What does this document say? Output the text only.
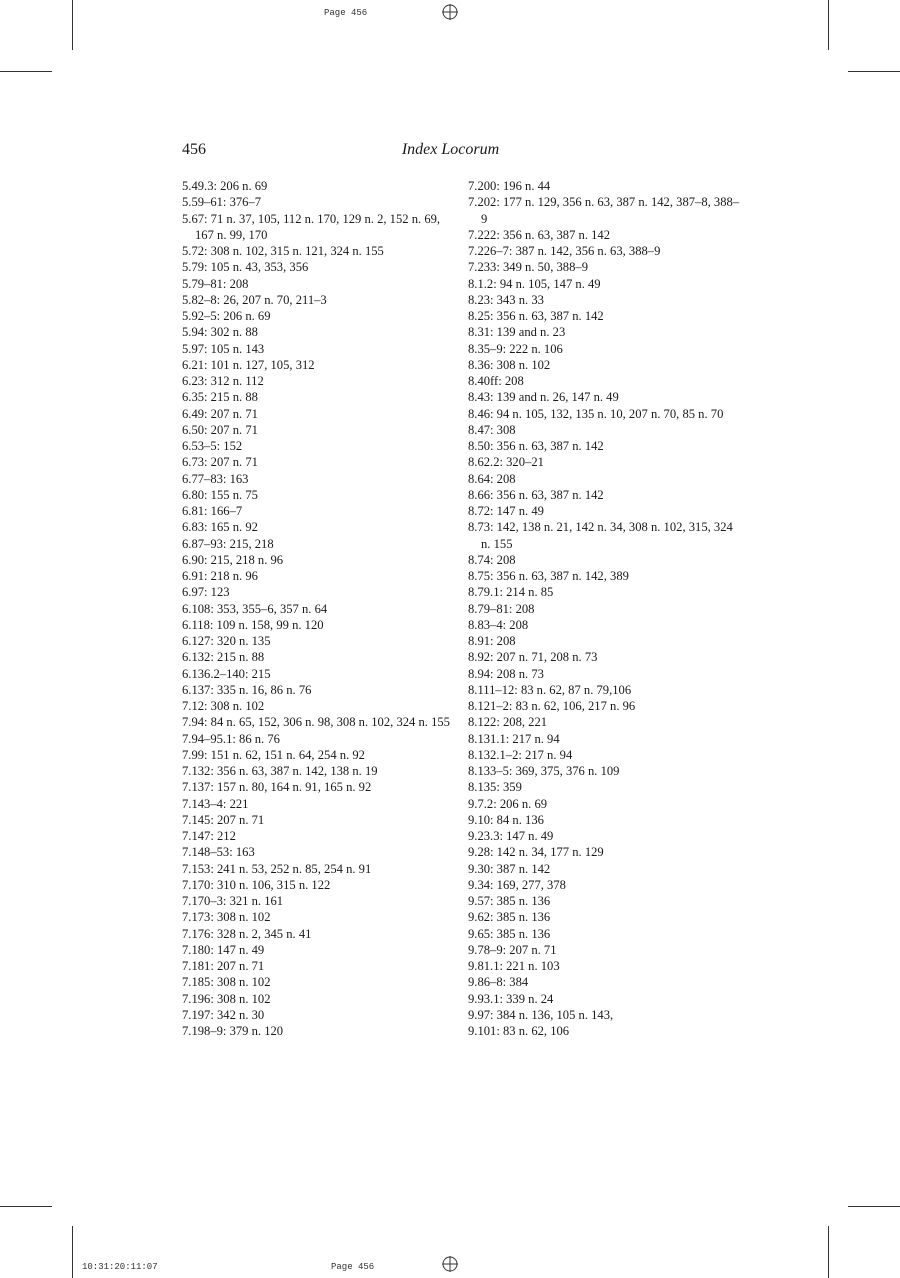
Page 456
10:31:20:11:07	Page 456
456	Index Locorum

5.49.3: 206 n. 69

5.59–61: 376–7

5.67: 71 n. 37, 105, 112 n. 170, 129 n. 2, 152 n. 69, 167 n. 99, 170

5.72: 308 n. 102, 315 n. 121, 324 n. 155

5.79: 105 n. 43, 353, 356

5.79–81: 208

5.82–8: 26, 207 n. 70, 211–3

5.92–5: 206 n. 69

5.94: 302 n. 88

5.97: 105 n. 143

6.21: 101 n. 127, 105, 312

6.23: 312 n. 112

6.35: 215 n. 88

6.49: 207 n. 71

6.50: 207 n. 71

6.53–5: 152

6.73: 207 n. 71

6.77–83: 163

6.80: 155 n. 75

6.81: 166–7

6.83: 165 n. 92

6.87–93: 215, 218

6.90: 215, 218 n. 96

6.91: 218 n. 96

6.97: 123

6.108: 353, 355–6, 357 n. 64

6.118: 109 n. 158, 99 n. 120

6.127: 320 n. 135

6.132: 215 n. 88

6.136.2–140: 215

6.137: 335 n. 16, 86 n. 76

7.12: 308 n. 102

7.94: 84 n. 65, 152, 306 n. 98, 308 n. 102, 324 n. 155

7.94–95.1: 86 n. 76

7.99: 151 n. 62, 151 n. 64, 254 n. 92

7.132: 356 n. 63, 387 n. 142, 138 n. 19

7.137: 157 n. 80, 164 n. 91, 165 n. 92

7.143–4: 221

7.145: 207 n. 71

7.147: 212

7.148–53: 163

7.153: 241 n. 53, 252 n. 85, 254 n. 91

7.170: 310 n. 106, 315 n. 122

7.170–3: 321 n. 161

7.173: 308 n. 102

7.176: 328 n. 2, 345 n. 41

7.180: 147 n. 49

7.181: 207 n. 71

7.185: 308 n. 102

7.196: 308 n. 102

7.197: 342 n. 30

7.198–9: 379 n. 120

7.200: 196 n. 44

7.202: 177 n. 129, 356 n. 63, 387 n. 142, 387–8, 388–9

7.222: 356 n. 63, 387 n. 142

7.226–7: 387 n. 142, 356 n. 63, 388–9

7.233: 349 n. 50, 388–9

8.1.2: 94 n. 105, 147 n. 49

8.23: 343 n. 33

8.25: 356 n. 63, 387 n. 142

8.31: 139 and n. 23

8.35–9: 222 n. 106

8.36: 308 n. 102

8.40ff: 208

8.43: 139 and n. 26, 147 n. 49

8.46: 94 n. 105, 132, 135 n. 10, 207 n. 70, 85 n. 70

8.47: 308

8.50: 356 n. 63, 387 n. 142

8.62.2: 320–21

8.64: 208

8.66: 356 n. 63, 387 n. 142

8.72: 147 n. 49

8.73: 142, 138 n. 21, 142 n. 34, 308 n. 102, 315, 324 n. 155

8.74: 208

8.75: 356 n. 63, 387 n. 142, 389

8.79.1: 214 n. 85

8.79–81: 208

8.83–4: 208

8.91: 208

8.92: 207 n. 71, 208 n. 73

8.94: 208 n. 73

8.111–12: 83 n. 62, 87 n. 79,106

8.121–2: 83 n. 62, 106, 217 n. 96

8.122: 208, 221

8.131.1: 217 n. 94

8.132.1–2: 217 n. 94

8.133–5: 369, 375, 376 n. 109

8.135: 359

9.7.2: 206 n. 69

9.10: 84 n. 136

9.23.3: 147 n. 49

9.28: 142 n. 34, 177 n. 129

9.30: 387 n. 142

9.34: 169, 277, 378

9.57: 385 n. 136

9.62: 385 n. 136

9.65: 385 n. 136

9.78–9: 207 n. 71

9.81.1: 221 n. 103

9.86–8: 384

9.93.1: 339 n. 24

9.97: 384 n. 136, 105 n. 143,

9.101: 83 n. 62, 106
